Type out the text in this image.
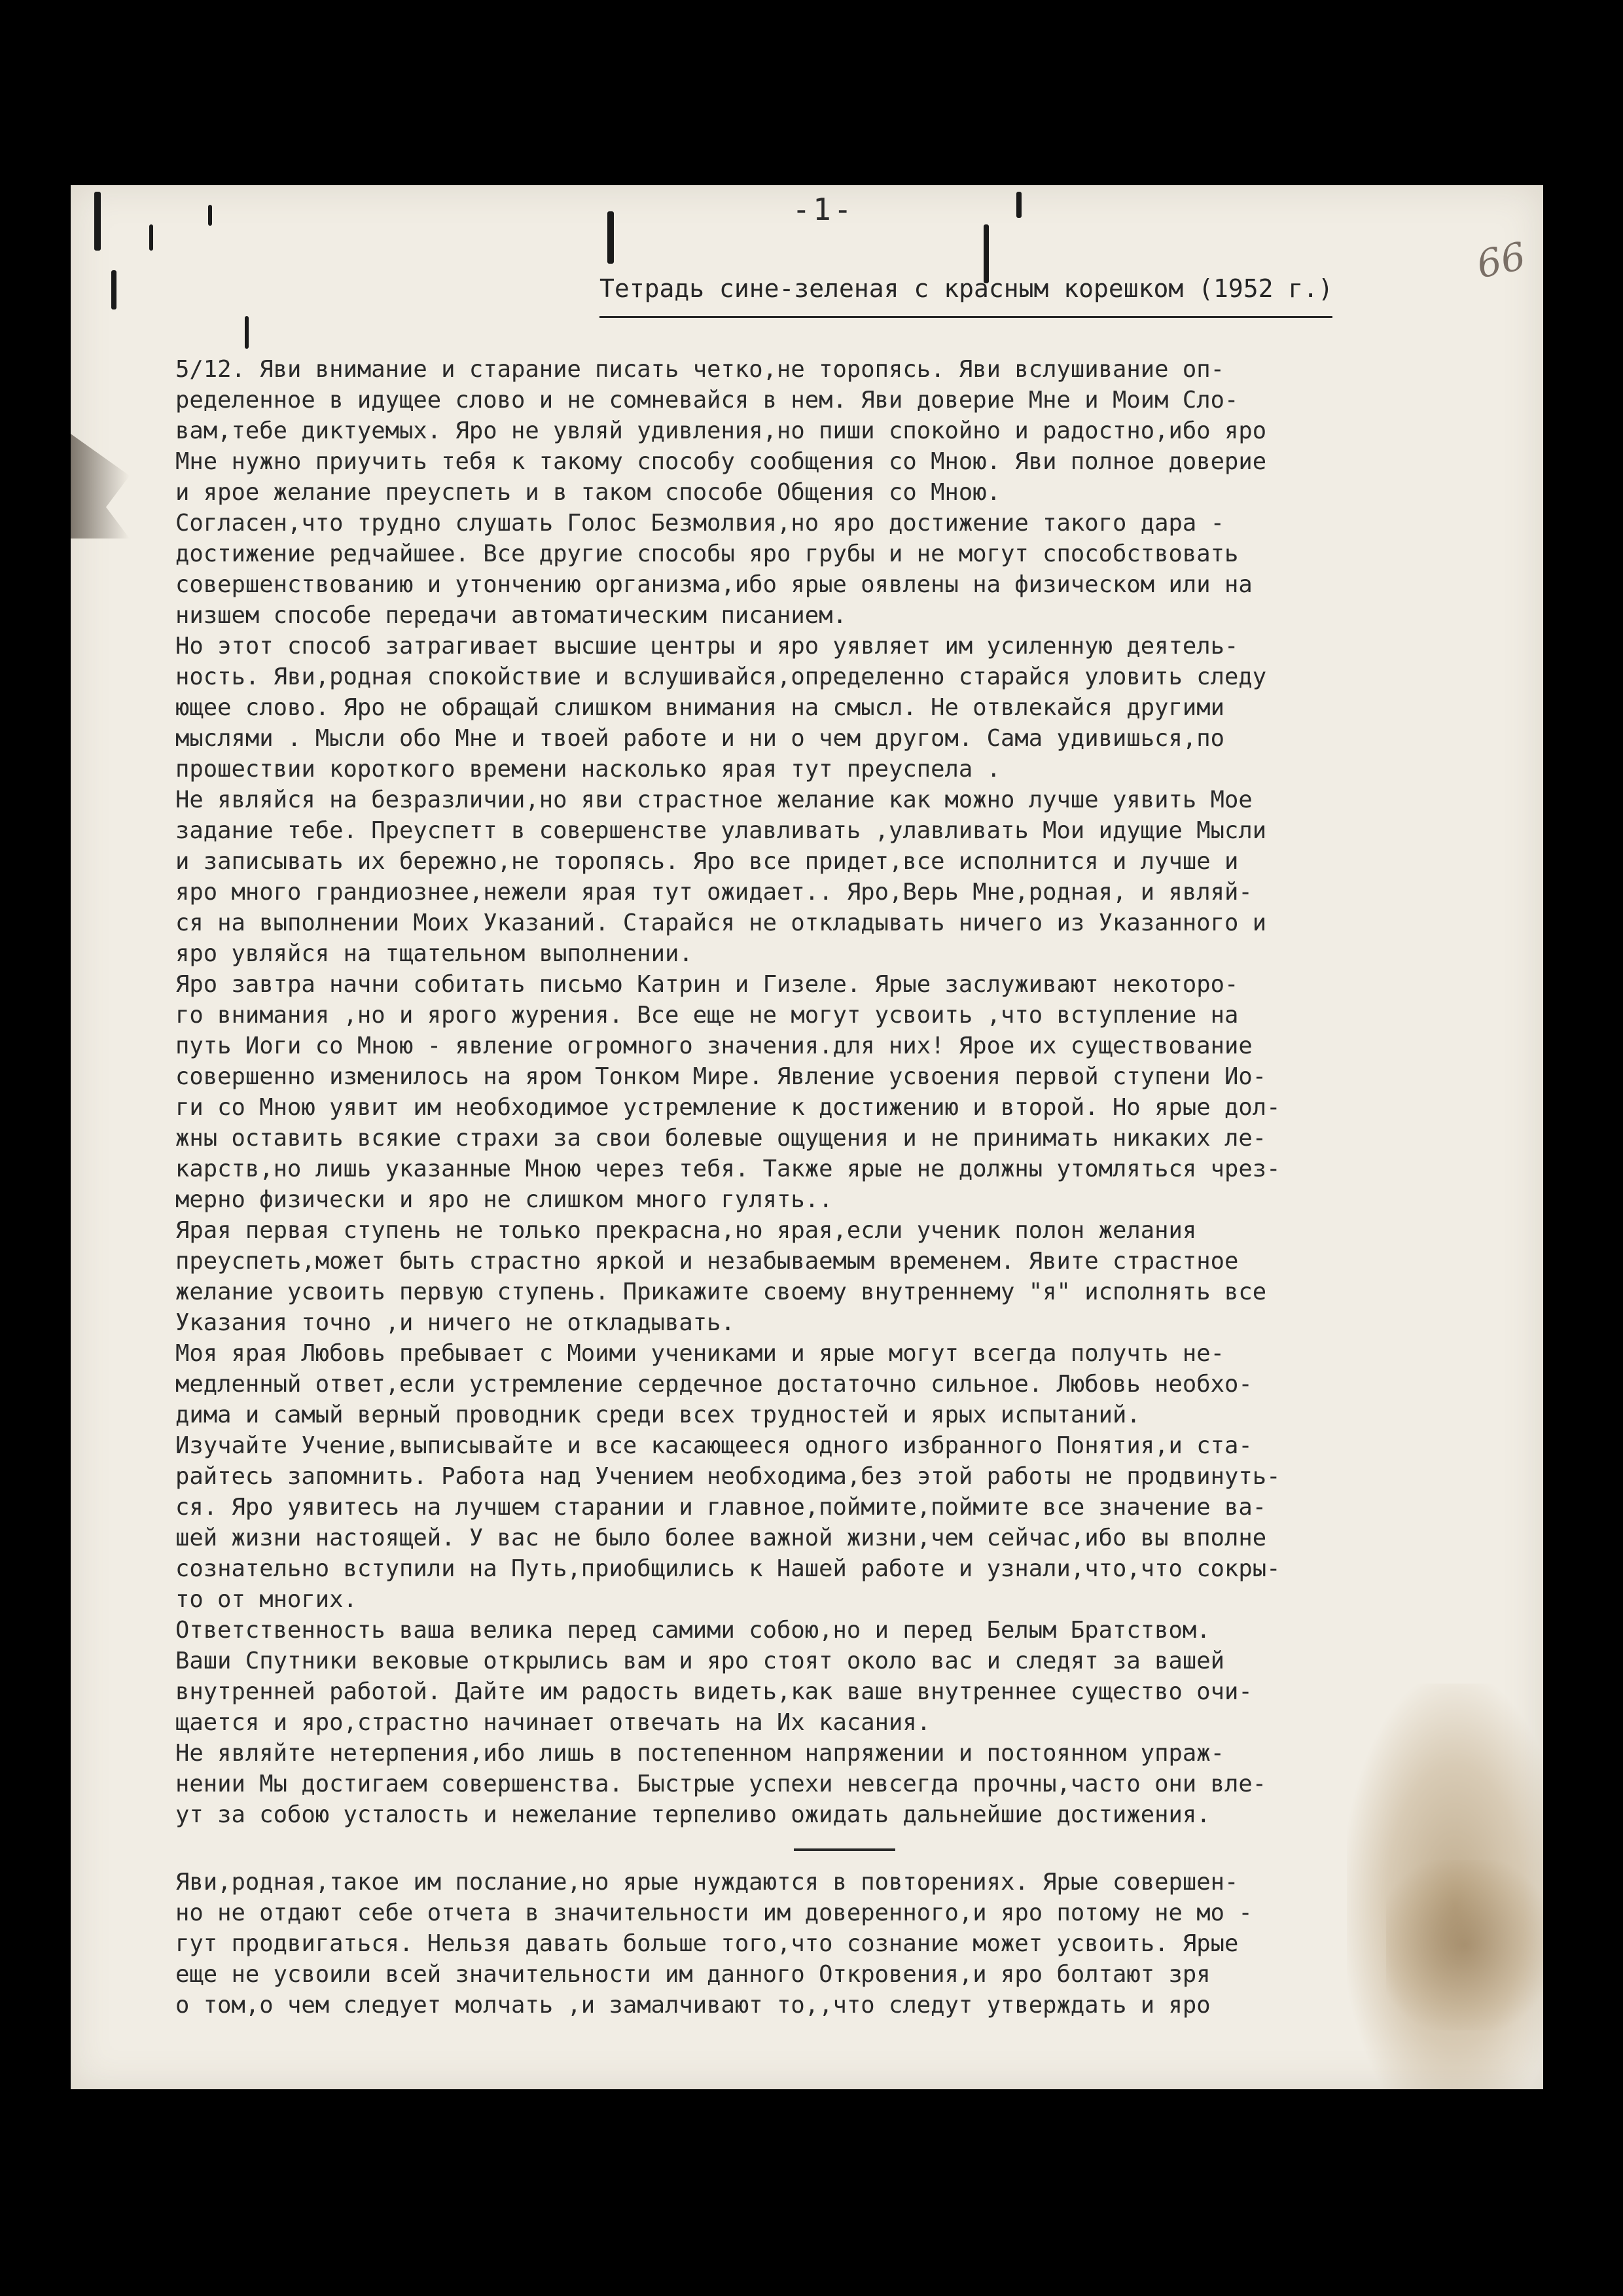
-1-
66
Тетрадь сине-зеленая с красным корешком (1952 г.)
5/12. Яви внимание и старание писать четко,не торопясь. Яви вслушивание оп-
ределенное в идущее слово и не сомневайся в нем. Яви доверие Мне и Моим Сло-
вам,тебе диктуемых. Яро не увляй удивления,но пиши спокойно и радостно,ибо яро
Мне нужно приучить тебя к такому способу сообщения со Мною. Яви полное доверие
и ярое желание преуспеть и в таком способе Общения со Мною.
Согласен,что трудно слушать Голос Безмолвия,но яро достижение такого дара -
достижение редчайшее. Все другие способы яро грубы и не могут способствовать
совершенствованию и утончению организма,ибо ярые оявлены на физическом или на
низшем способе передачи автоматическим писанием.
Но этот способ затрагивает высшие центры и яро уявляет им усиленную деятель-
ность. Яви,родная спокойствие и вслушивайся,определенно старайся уловить следу
ющее слово. Яро не обращай слишком внимания на смысл. Не отвлекайся другими
мыслями . Мысли обо Мне и твоей работе и ни о чем другом. Сама удивишься,по
прошествии короткого времени насколько ярая тут преуспела .
Не являйся на безразличии,но яви страстное желание как можно лучше уявить Мое
задание тебе. Преуспетт в совершенстве улавливать ,улавливать Мои идущие Мысли
и записывать их бережно,не торопясь. Яро все придет,все исполнится и лучше и
яро много грандиознее,нежели ярая тут ожидает.. Яро,Верь Мне,родная, и являй-
ся на выполнении Моих Указаний. Старайся не откладывать ничего из Указанного и
яро увляйся на тщательном выполнении.
Яро завтра начни собитать письмо Катрин и Гизеле. Ярые заслуживают некоторо-
го внимания ,но и ярого журения. Все еще не могут усвоить ,что вступление на
путь Иоги со Мною - явление огромного значения.для них! Ярое их существование
совершенно изменилось на яром Тонком Мире. Явление усвоения первой ступени Ио-
ги со Мною уявит им необходимое устремление к достижению и второй. Но ярые дол-
жны оставить всякие страхи за свои болевые ощущения и не принимать никаких ле-
карств,но лишь указанные Мною через тебя. Также ярые не должны утомляться чрез-
мерно физически и яро не слишком много гулять..
Ярая первая ступень не только прекрасна,но ярая,если ученик полон желания
преуспеть,может быть страстно яркой и незабываемым временем. Явите страстное
желание усвоить первую ступень. Прикажите своему внутреннему "я" исполнять все
Указания точно ,и ничего не откладывать.
Моя ярая Любовь пребывает с Моими учениками и ярые могут всегда получть не-
медленный ответ,если устремление сердечное достаточно сильное. Любовь необхо-
дима и самый верный проводник среди всех трудностей и ярых испытаний.
Изучайте Учение,выписывайте и все касающееся одного избранного Понятия,и ста-
райтесь запомнить. Работа над Учением необходима,без этой работы не продвинуть-
ся. Яро уявитесь на лучшем старании и главное,поймите,поймите все значение ва-
шей жизни настоящей. У вас не было более важной жизни,чем сейчас,ибо вы вполне
сознательно вступили на Путь,приобщились к Нашей работе и узнали,что,что сокры-
то от многих.
Ответственность ваша велика перед самими собою,но и перед Белым Братством.
Ваши Спутники вековые открылись вам и яро стоят около вас и следят за вашей
внутренней работой. Дайте им радость видеть,как ваше внутреннее существо очи-
щается и яро,страстно начинает отвечать на Их касания.
Не являйте нетерпения,ибо лишь в постепенном напряжении и постоянном упраж-
нении Мы достигаем совершенства. Быстрые успехи невсегда прочны,часто они вле-
ут за собою усталость и нежелание терпеливо ожидать дальнейшие достижения.
Яви,родная,такое им послание,но ярые нуждаются в повторениях. Ярые совершен-
но не отдают себе отчета в значительности им доверенного,и яро потому не мо -
гут продвигаться. Нельзя давать больше того,что сознание может усвоить. Ярые
еще не усвоили всей значительности им данного Откровения,и яро болтают зря
о том,о чем следует молчать ,и замалчивают то,,что следут утверждать и яро
